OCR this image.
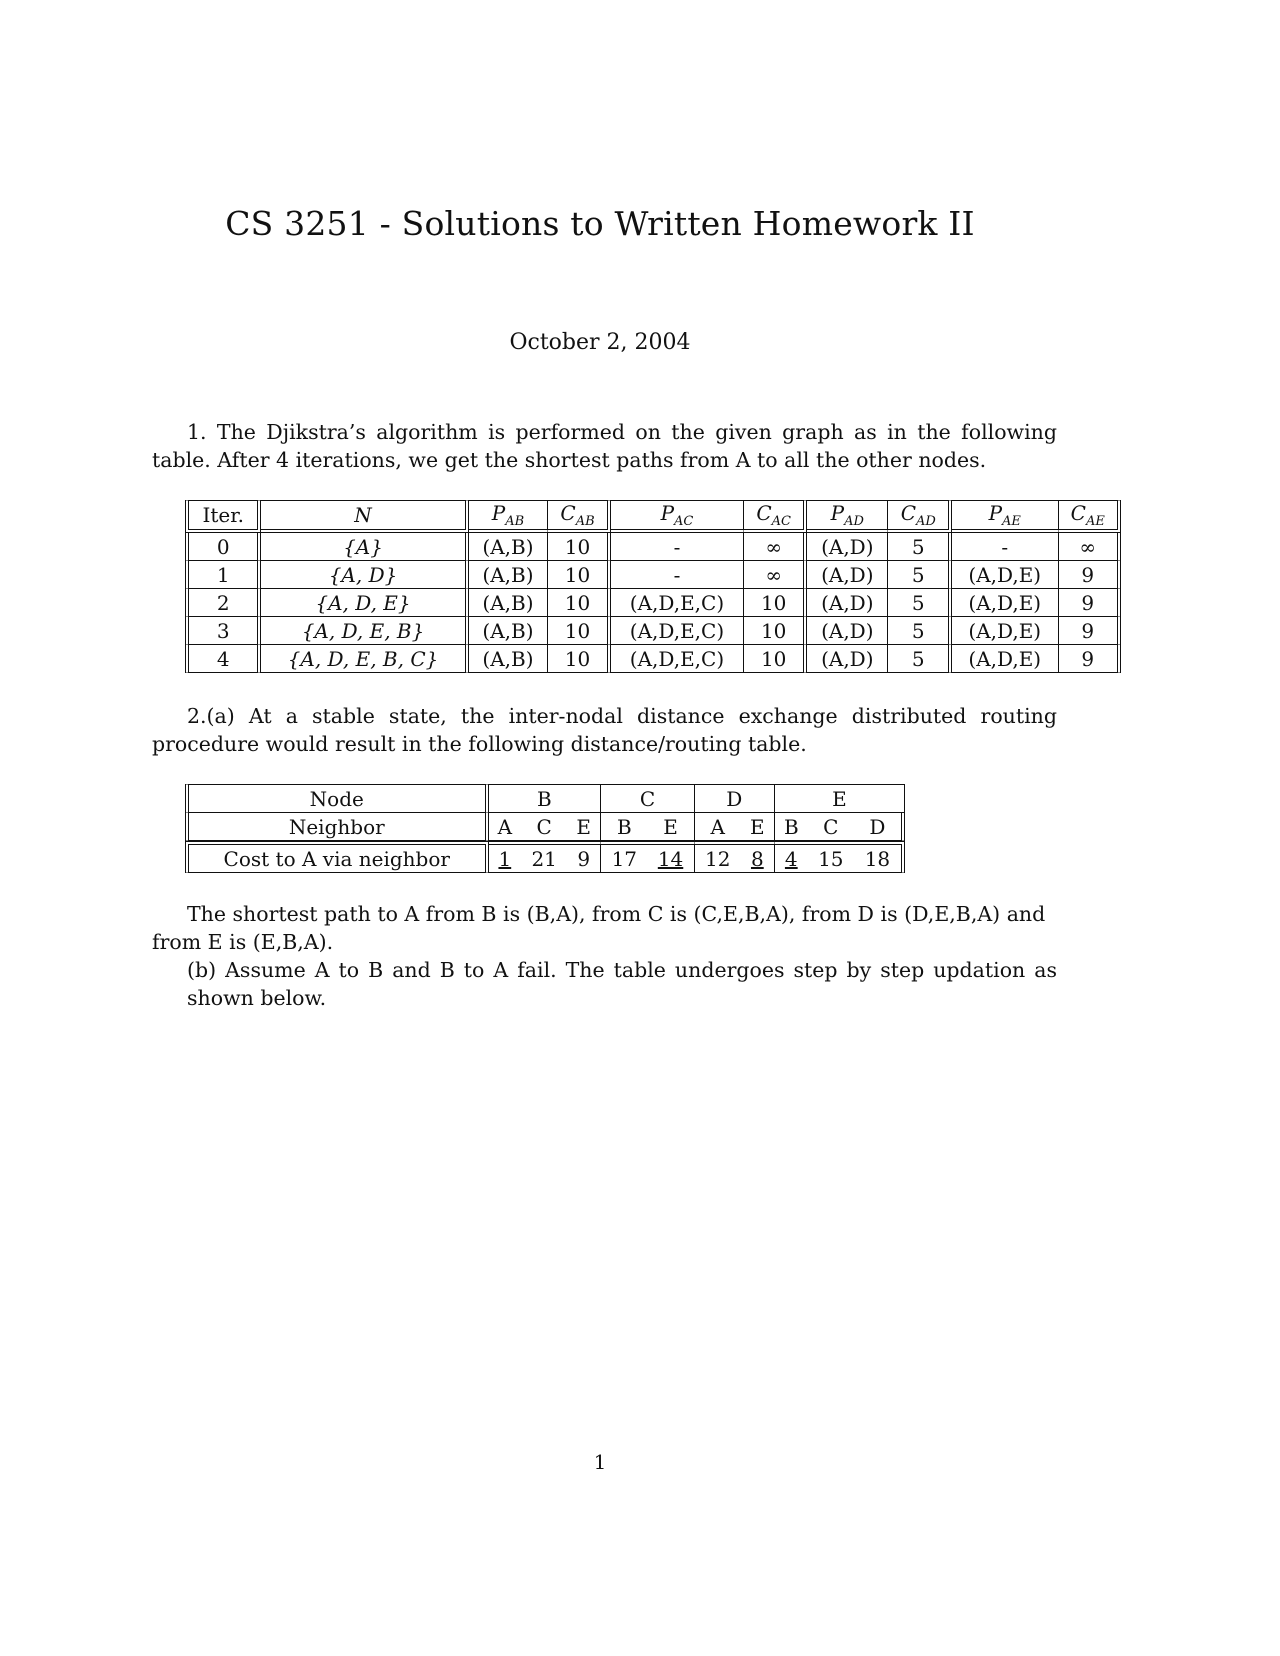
CS 3251 - Solutions to Written Homework II
October 2, 2004
1. The Djikstra’s algorithm is performed on the given graph as in the following table. After 4 iterations, we get the shortest paths from A to all the other nodes.
Iter.	N	$P_{AB}$	$C_{AB}$	$P_{AC}$	$C_{AC}$	$P_{AD}$	$C_{AD}$	$P_{AE}$	$C_{AE}$
0	{A}	(A,B)	10	-	∞	(A,D)	5	-	∞
1	{A, D}	(A,B)	10	-	∞	(A,D)	5	(A,D,E)	9
2	{A, D, E}	(A,B)	10	(A,D,E,C)	10	(A,D)	5	(A,D,E)	9
3	{A, D, E, B}	(A,B)	10	(A,D,E,C)	10	(A,D)	5	(A,D,E)	9
4	{A, D, E, B, C}	(A,B)	10	(A,D,E,C)	10	(A,D)	5	(A,D,E)	9
2.(a) At a stable state, the inter-nodal distance exchange distributed routing procedure would result in the following distance/routing table.
Node	B			C		D		E		
Neighbor	A	C	E	B	E	A	E	B	C	D
Cost to A via neighbor	1	21	9	17	14	12	8	4	15	18
The shortest path to A from B is (B,A), from C is (C,E,B,A), from D is (D,E,B,A) and
from E is (E,B,A).
(b) Assume A to B and B to A fail. The table undergoes step by step updation as shown below.
1
